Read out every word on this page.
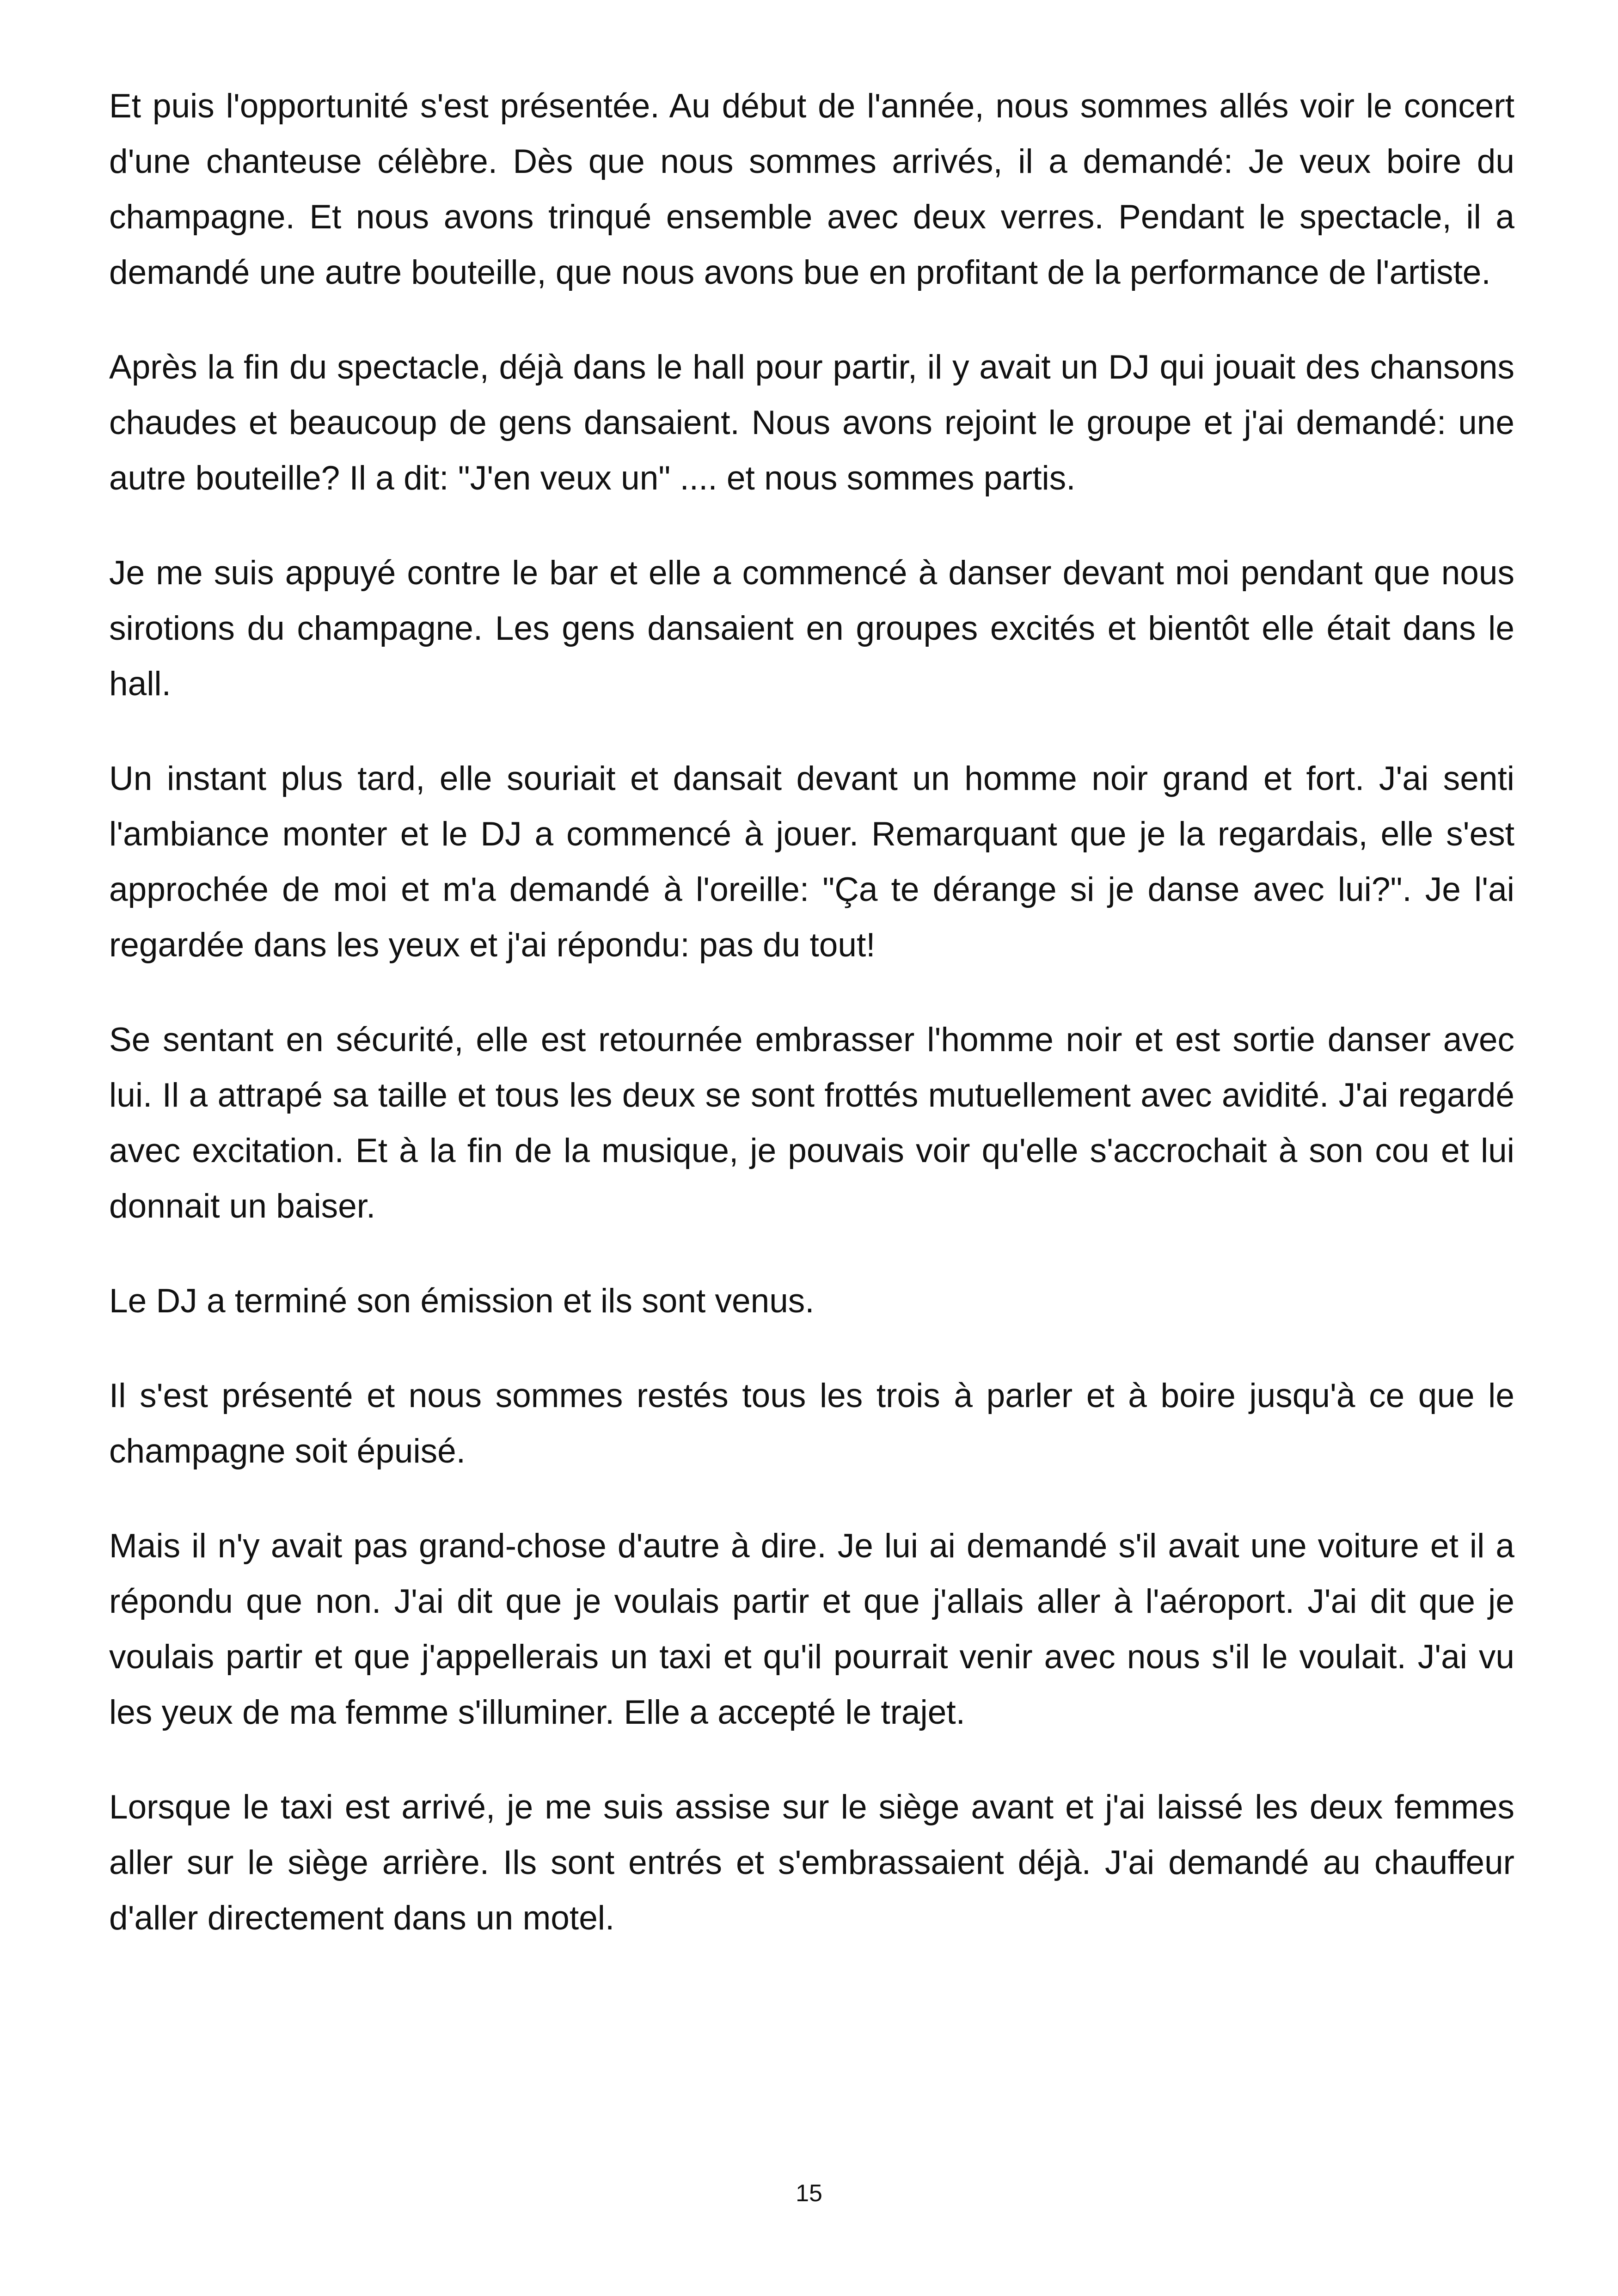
Et puis l'opportunité s'est présentée. Au début de l'année, nous sommes allés voir le concert d'une chanteuse célèbre. Dès que nous sommes arrivés, il a demandé: Je veux boire du champagne. Et nous avons trinqué ensemble avec deux verres. Pendant le spectacle, il a demandé une autre bouteille, que nous avons bue en profitant de la performance de l'artiste.

Après la fin du spectacle, déjà dans le hall pour partir, il y avait un DJ qui jouait des chansons chaudes et beaucoup de gens dansaient. Nous avons rejoint le groupe et j'ai demandé: une autre bouteille? Il a dit: "J'en veux un" .... et nous sommes partis.

Je me suis appuyé contre le bar et elle a commencé à danser devant moi pendant que nous sirotions du champagne. Les gens dansaient en groupes excités et bientôt elle était dans le hall.

Un instant plus tard, elle souriait et dansait devant un homme noir grand et fort. J'ai senti l'ambiance monter et le DJ a commencé à jouer. Remarquant que je la regardais, elle s'est approchée de moi et m'a demandé à l'oreille: "Ça te dérange si je danse avec lui?". Je l'ai regardée dans les yeux et j'ai répondu: pas du tout!

Se sentant en sécurité, elle est retournée embrasser l'homme noir et est sortie danser avec lui. Il a attrapé sa taille et tous les deux se sont frottés mutuellement avec avidité. J'ai regardé avec excitation. Et à la fin de la musique, je pouvais voir qu'elle s'accrochait à son cou et lui donnait un baiser.

Le DJ a terminé son émission et ils sont venus.

Il s'est présenté et nous sommes restés tous les trois à parler et à boire jusqu'à ce que le champagne soit épuisé.

Mais il n'y avait pas grand-chose d'autre à dire. Je lui ai demandé s'il avait une voiture et il a répondu que non. J'ai dit que je voulais partir et que j'allais aller à l'aéroport. J'ai dit que je voulais partir et que j'appellerais un taxi et qu'il pourrait venir avec nous s'il le voulait. J'ai vu les yeux de ma femme s'illuminer. Elle a accepté le trajet.

Lorsque le taxi est arrivé, je me suis assise sur le siège avant et j'ai laissé les deux femmes aller sur le siège arrière. Ils sont entrés et s'embrassaient déjà. J'ai demandé au chauffeur d'aller directement dans un motel.

15
